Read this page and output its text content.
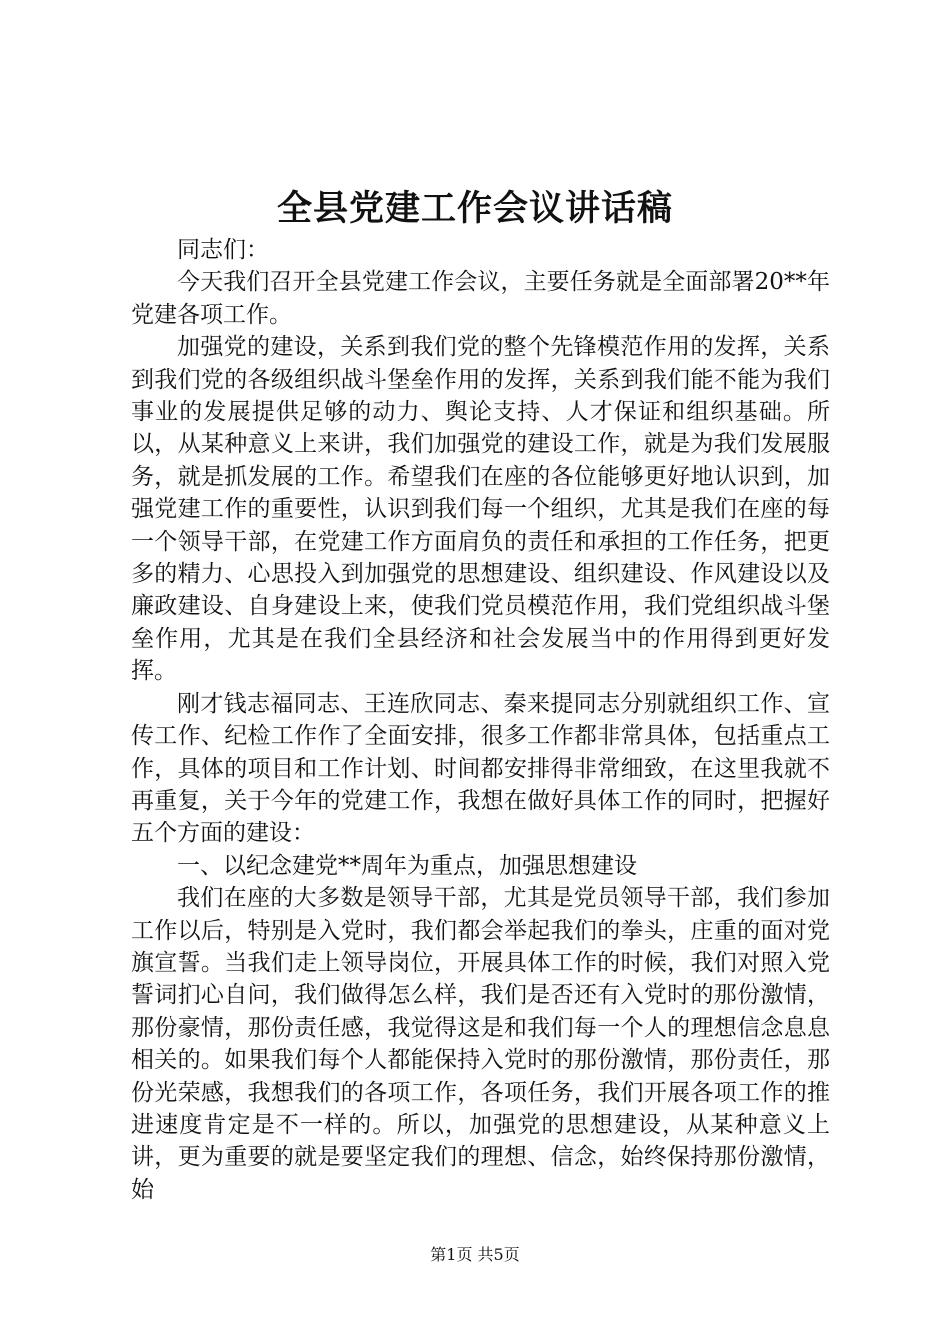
全县党建工作会议讲话稿

同志们：

今天我们召开全县党建工作会议，主要任务就是全面部署20**年党建各项工作。

加强党的建设，关系到我们党的整个先锋模范作用的发挥，关系到我们党的各级组织战斗堡垒作用的发挥，关系到我们能不能为我们事业的发展提供足够的动力、舆论支持、人才保证和组织基础。所以，从某种意义上来讲，我们加强党的建设工作，就是为我们发展服务，就是抓发展的工作。希望我们在座的各位能够更好地认识到，加强党建工作的重要性，认识到我们每一个组织，尤其是我们在座的每一个领导干部，在党建工作方面肩负的责任和承担的工作任务，把更多的精力、心思投入到加强党的思想建设、组织建设、作风建设以及廉政建设、自身建设上来，使我们党员模范作用，我们党组织战斗堡垒作用，尤其是在我们全县经济和社会发展当中的作用得到更好发挥。

刚才钱志福同志、王连欣同志、秦来提同志分别就组织工作、宣传工作、纪检工作作了全面安排，很多工作都非常具体，包括重点工作，具体的项目和工作计划、时间都安排得非常细致，在这里我就不再重复，关于今年的党建工作，我想在做好具体工作的同时，把握好五个方面的建设：

一、以纪念建党**周年为重点，加强思想建设

我们在座的大多数是领导干部，尤其是党员领导干部，我们参加工作以后，特别是入党时，我们都会举起我们的拳头，庄重的面对党旗宣誓。当我们走上领导岗位，开展具体工作的时候，我们对照入党誓词扪心自问，我们做得怎么样，我们是否还有入党时的那份激情，那份豪情，那份责任感，我觉得这是和我们每一个人的理想信念息息相关的。如果我们每个人都能保持入党时的那份激情，那份责任，那份光荣感，我想我们的各项工作，各项任务，我们开展各项工作的推进速度肯定是不一样的。所以，加强党的思想建设，从某种意义上讲，更为重要的就是要坚定我们的理想、信念，始终保持那份激情，始

第1页 共5页
